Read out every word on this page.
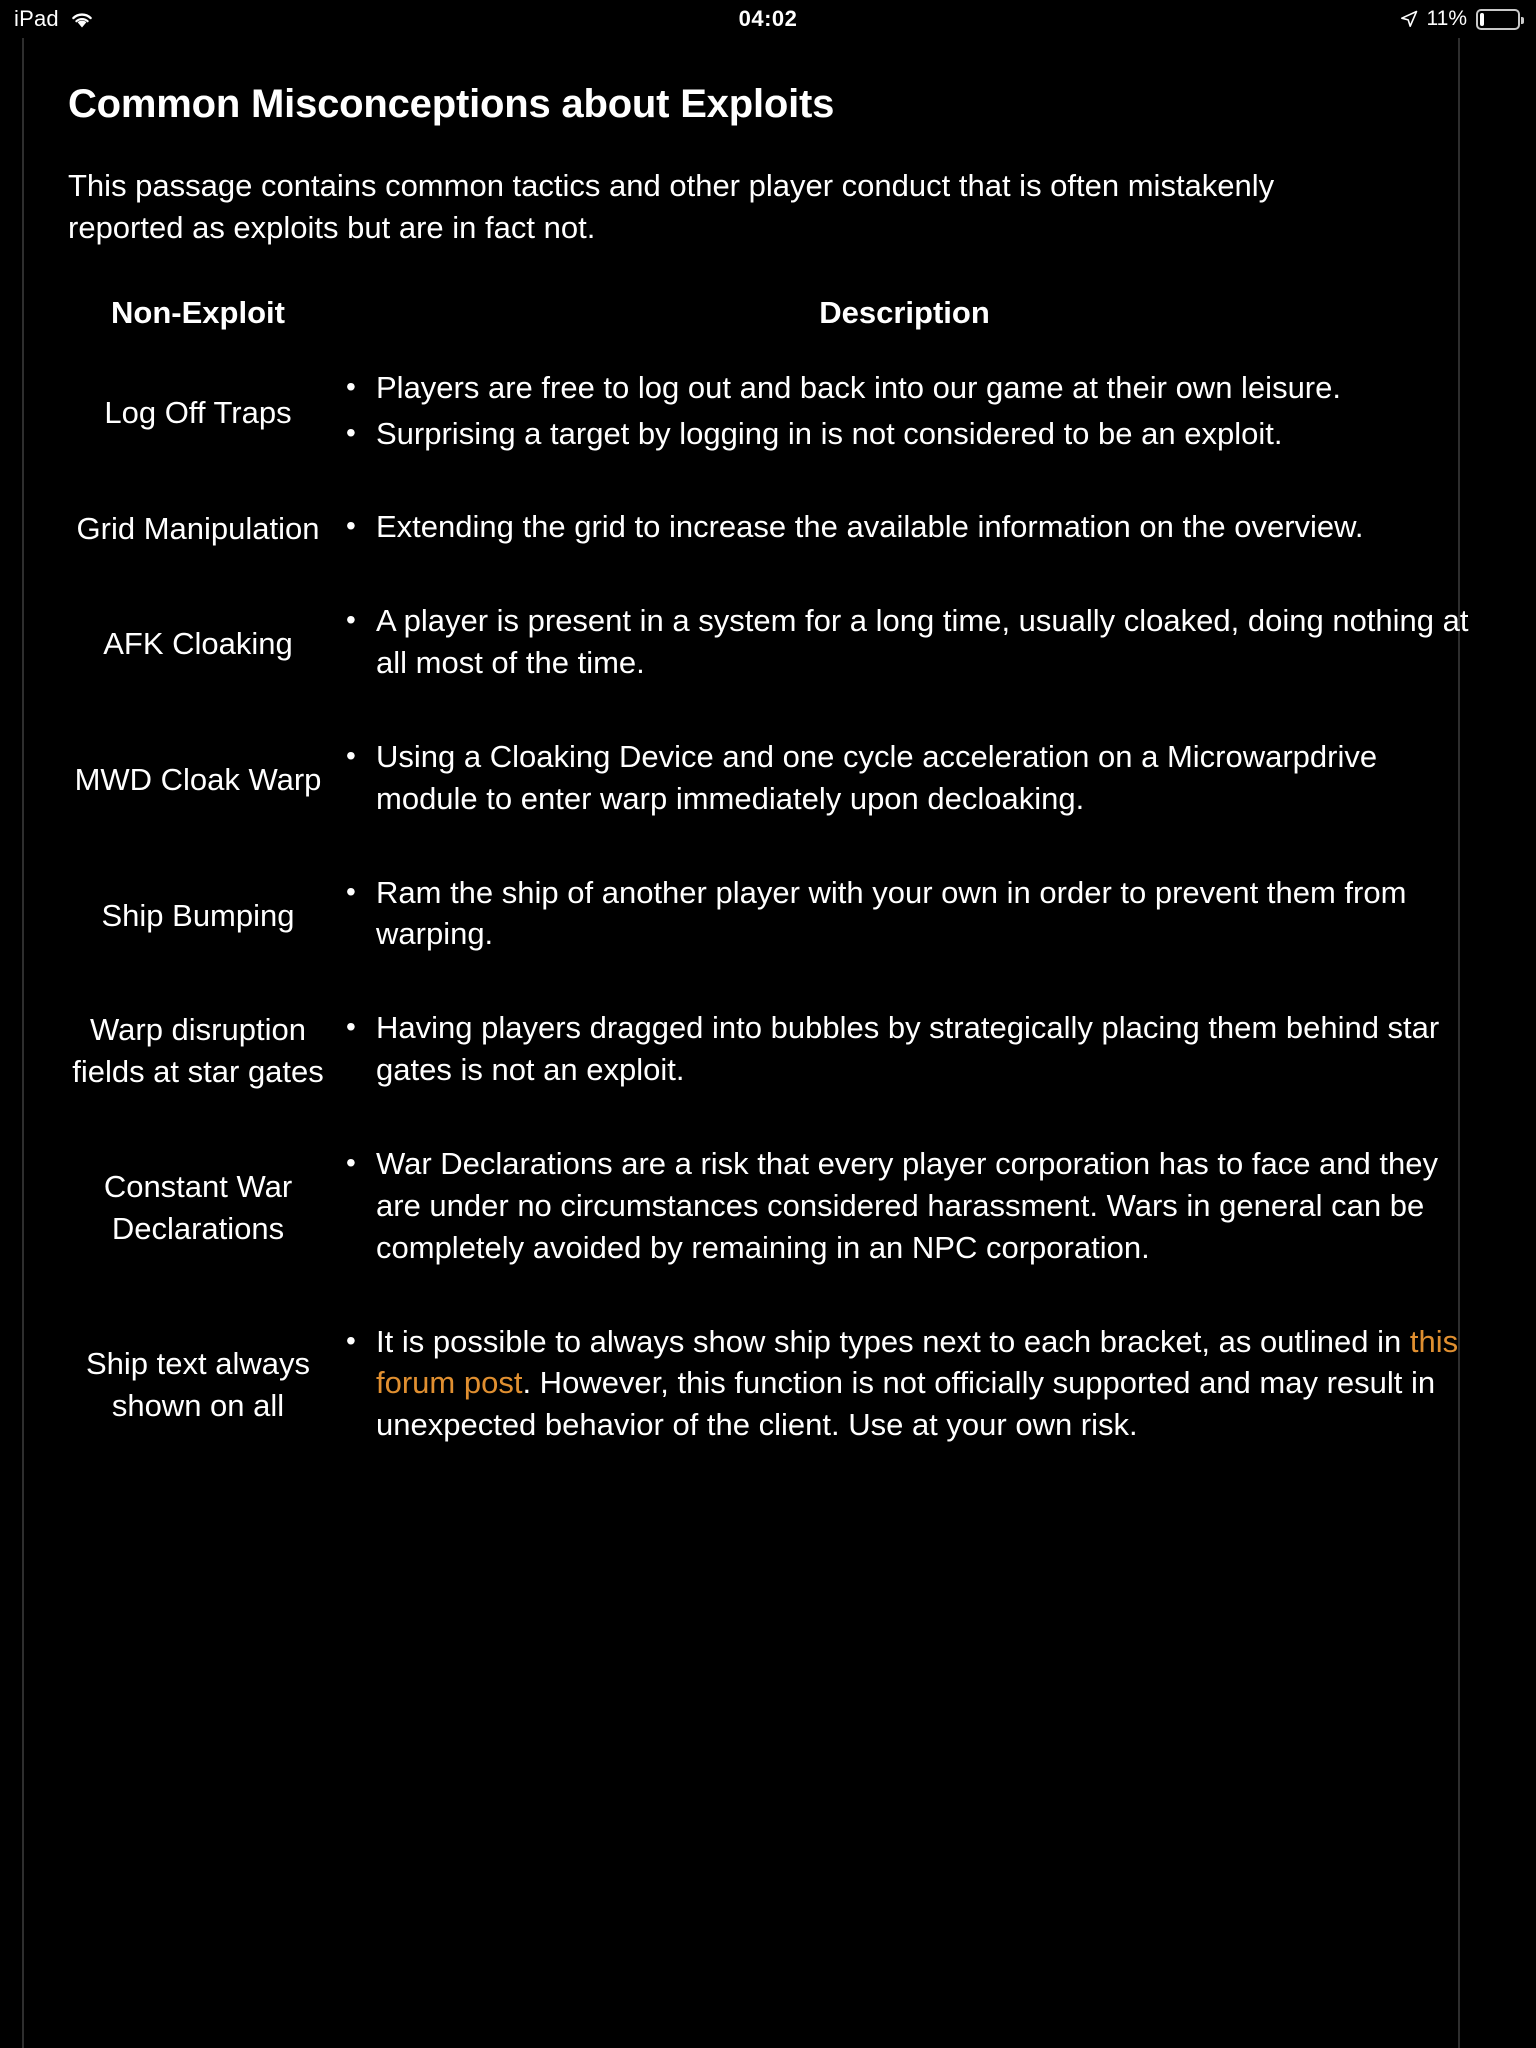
iPad	04:02	11%
Common Misconceptions about Exploits

This passage contains common tactics and other player conduct that is often mistakenly reported as exploits but are in fact not.

Non-Exploit	Description
Log Off Traps	
• Players are free to log out and back into our game at their own leisure.
• Surprising a target by logging in is not considered to be an exploit.

Grid Manipulation	
•Extending the grid to increase the available information on the overview.

AFK Cloaking	
• A player is present in a system for a long time, usually cloaked, doing nothing at all most of the time.

MWD Cloak Warp	
• Using a Cloaking Device and one cycle acceleration on a Microwarpdrive module to enter warp immediately upon decloaking.

Ship Bumping	
• Ram the ship of another player with your own in order to prevent them from warping.

Warp disruption fields at star gates	
• Having players dragged into bubbles by strategically placing them behind star gates is not an exploit.

Constant War Declarations	
• War Declarations are a risk that every player corporation has to face and they are under no circumstances considered harassment. Wars in general can be completely avoided by remaining in an NPC corporation.

Ship text always shown on all	
• It is possible to always show ship types next to each bracket, as outlined in this forum post. However, this function is not officially supported and may result in unexpected behavior of the client. Use at your own risk.
